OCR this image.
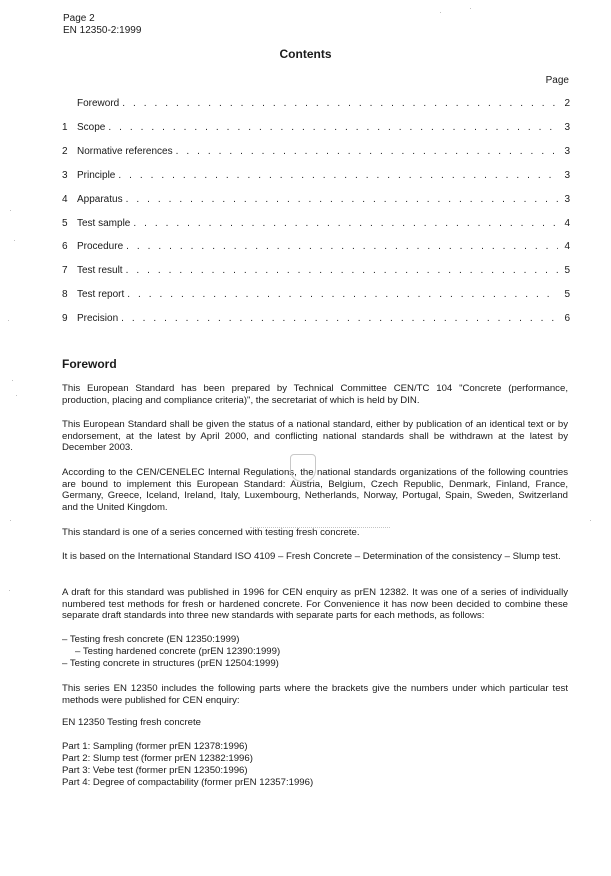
Page 2
EN 12350-2:1999
Contents
Page
Foreword . . .	2
1 Scope . . .	3
2 Normative references . . .	3
3 Principle . . .	3
4 Apparatus . . .	3
5 Test sample . . .	4
6 Procedure . . .	4
7 Test result . . .	5
8 Test report . . .	5
9 Precision . . .	6
Foreword

This European Standard has been prepared by Technical Committee CEN/TC 104 "Concrete (performance, production, placing and compliance criteria)", the secretariat of which is held by DIN.

This European Standard shall be given the status of a national standard, either by publication of an identical text or by endorsement, at the latest by April 2000, and conflicting national standards shall be withdrawn at the latest by December 2003.

According to the CEN/CENELEC Internal Regulations, the national standards organizations of the following countries are bound to implement this European Standard: Austria, Belgium, Czech Republic, Denmark, Finland, France, Germany, Greece, Iceland, Ireland, Italy, Luxembourg, Netherlands, Norway, Portugal, Spain, Sweden, Switzerland and the United Kingdom.

This standard is one of a series concerned with testing fresh concrete.

It is based on the International Standard ISO 4109 – Fresh Concrete – Determination of the consistency – Slump test.

A draft for this standard was published in 1996 for CEN enquiry as prEN 12382. It was one of a series of individually numbered test methods for fresh or hardened concrete. For Convenience it has now been decided to combine these separate draft standards into three new standards with separate parts for each methods, as follows:

– Testing fresh concrete (EN 12350:1999)

– Testing hardened concrete (prEN 12390:1999)

– Testing concrete in structures (prEN 12504:1999)

This series EN 12350 includes the following parts where the brackets give the numbers under which particular test methods were published for CEN enquiry:

EN 12350 Testing fresh concrete

Part 1: Sampling (former prEN 12378:1996)

Part 2: Slump test (former prEN 12382:1996)

Part 3: Vebe test (former prEN 12350:1996)

Part 4: Degree of compactability (former prEN 12357:1996)
